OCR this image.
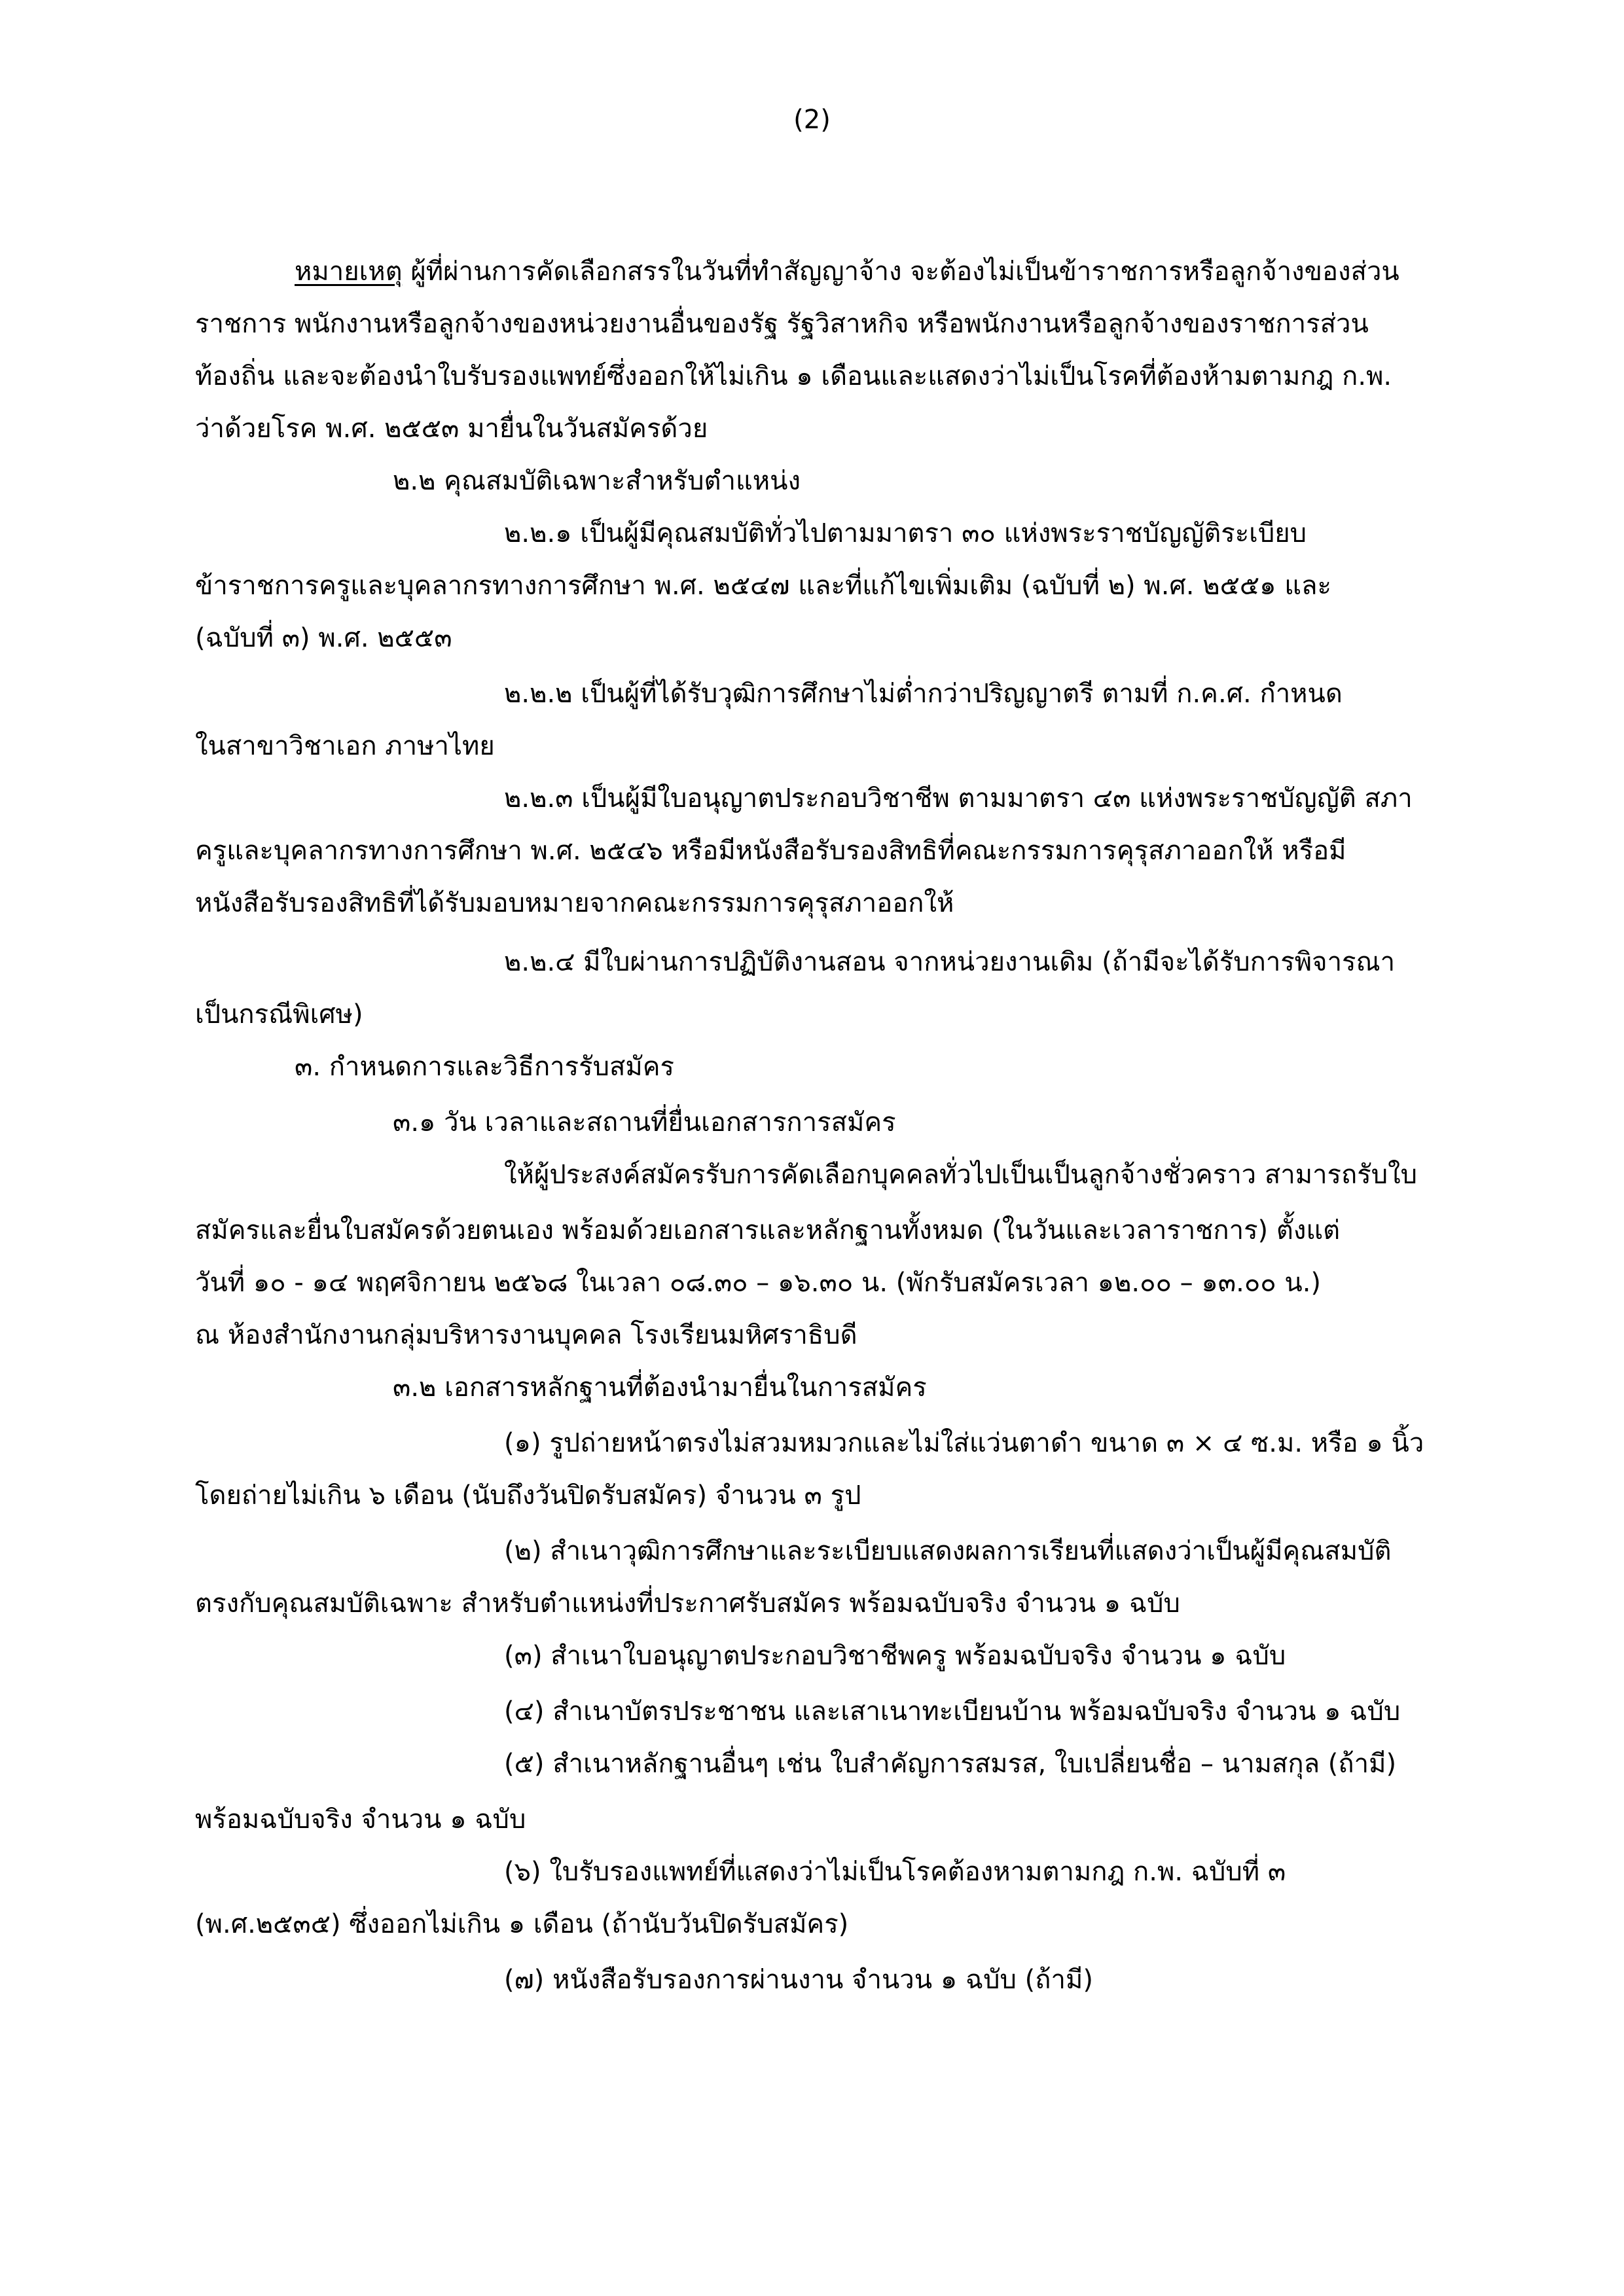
(2)
หมายเหตุ ผู้ที่ผ่านการคัดเลือกสรรในวันที่ทำสัญญาจ้าง จะต้องไม่เป็นข้าราชการหรือลูกจ้างของส่วน
ราชการ พนักงานหรือลูกจ้างของหน่วยงานอื่นของรัฐ รัฐวิสาหกิจ หรือพนักงานหรือลูกจ้างของราชการส่วน
ท้องถิ่น และจะต้องนำใบรับรองแพทย์ซึ่งออกให้ไม่เกิน ๑ เดือนและแสดงว่าไม่เป็นโรคที่ต้องห้ามตามกฎ ก.พ.
ว่าด้วยโรค พ.ศ. ๒๕๕๓ มายื่นในวันสมัครด้วย
๒.๒ คุณสมบัติเฉพาะสำหรับตำแหน่ง
๒.๒.๑ เป็นผู้มีคุณสมบัติทั่วไปตามมาตรา ๓๐ แห่งพระราชบัญญัติระเบียบ
ข้าราชการครูและบุคลากรทางการศึกษา พ.ศ. ๒๕๔๗ และที่แก้ไขเพิ่มเติม (ฉบับที่ ๒) พ.ศ. ๒๕๕๑ และ
(ฉบับที่ ๓) พ.ศ. ๒๕๕๓
๒.๒.๒ เป็นผู้ที่ได้รับวุฒิการศึกษาไม่ต่ำกว่าปริญญาตรี ตามที่ ก.ค.ศ. กำหนด
ในสาขาวิชาเอก ภาษาไทย
๒.๒.๓ เป็นผู้มีใบอนุญาตประกอบวิชาชีพ ตามมาตรา ๔๓ แห่งพระราชบัญญัติ สภา
ครูและบุคลากรทางการศึกษา พ.ศ. ๒๕๔๖ หรือมีหนังสือรับรองสิทธิที่คณะกรรมการคุรุสภาออกให้ หรือมี
หนังสือรับรองสิทธิที่ได้รับมอบหมายจากคณะกรรมการคุรุสภาออกให้
๒.๒.๔ มีใบผ่านการปฏิบัติงานสอน จากหน่วยงานเดิม (ถ้ามีจะได้รับการพิจารณา
เป็นกรณีพิเศษ)
๓. กำหนดการและวิธีการรับสมัคร
๓.๑ วัน เวลาและสถานที่ยื่นเอกสารการสมัคร
ให้ผู้ประสงค์สมัครรับการคัดเลือกบุคคลทั่วไปเป็นเป็นลูกจ้างชั่วคราว สามารถรับใบ
สมัครและยื่นใบสมัครด้วยตนเอง พร้อมด้วยเอกสารและหลักฐานทั้งหมด (ในวันและเวลาราชการ) ตั้งแต่
วันที่ ๑๐ - ๑๔ พฤศจิกายน ๒๕๖๘ ในเวลา ๐๘.๓๐ – ๑๖.๓๐ น. (พักรับสมัครเวลา ๑๒.๐๐ – ๑๓.๐๐ น.)
ณ ห้องสำนักงานกลุ่มบริหารงานบุคคล โรงเรียนมหิศราธิบดี
๓.๒ เอกสารหลักฐานที่ต้องนำมายื่นในการสมัคร
(๑) รูปถ่ายหน้าตรงไม่สวมหมวกและไม่ใส่แว่นตาดำ ขนาด ๓ × ๔ ซ.ม. หรือ ๑ นิ้ว
โดยถ่ายไม่เกิน ๖ เดือน (นับถึงวันปิดรับสมัคร) จำนวน ๓ รูป
(๒) สำเนาวุฒิการศึกษาและระเบียบแสดงผลการเรียนที่แสดงว่าเป็นผู้มีคุณสมบัติ
ตรงกับคุณสมบัติเฉพาะ สำหรับตำแหน่งที่ประกาศรับสมัคร พร้อมฉบับจริง จำนวน ๑ ฉบับ
(๓) สำเนาใบอนุญาตประกอบวิชาชีพครู พร้อมฉบับจริง จำนวน ๑ ฉบับ
(๔) สำเนาบัตรประชาชน และเสาเนาทะเบียนบ้าน พร้อมฉบับจริง จำนวน ๑ ฉบับ
(๕) สำเนาหลักฐานอื่นๆ เช่น ใบสำคัญการสมรส, ใบเปลี่ยนชื่อ – นามสกุล (ถ้ามี)
พร้อมฉบับจริง จำนวน ๑ ฉบับ
(๖) ใบรับรองแพทย์ที่แสดงว่าไม่เป็นโรคต้องหามตามกฎ ก.พ. ฉบับที่ ๓
(พ.ศ.๒๕๓๕) ซึ่งออกไม่เกิน ๑ เดือน (ถ้านับวันปิดรับสมัคร)
(๗) หนังสือรับรองการผ่านงาน จำนวน ๑ ฉบับ (ถ้ามี)
